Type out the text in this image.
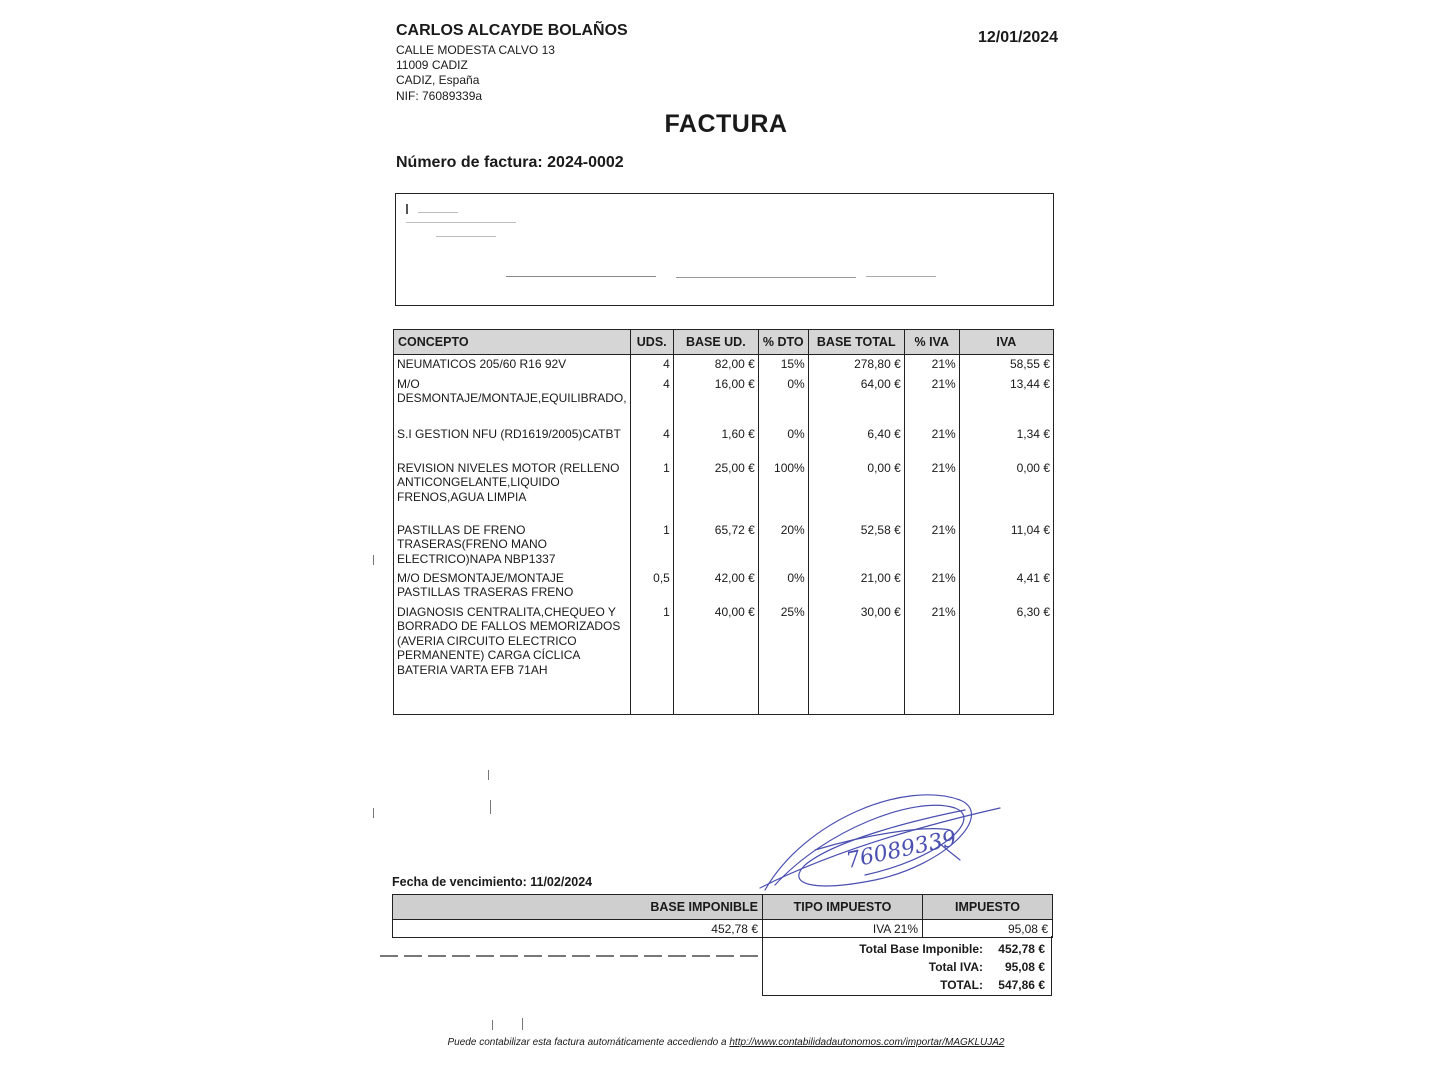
CARLOS ALCAYDE BOLAÑOS
CALLE MODESTA CALVO 13
11009 CADIZ
CADIZ, España
NIF: 76089339a
12/01/2024
FACTURA
Número de factura: 2024-0002
CONCEPTO	UDS.	BASE UD.	% DTO	BASE TOTAL	% IVA	IVA
NEUMATICOS 205/60 R16 92V	4	82,00 €	15%	278,80 €	21%	58,55 €
M/O DESMONTAJE/MONTAJE,EQUILIBRADO,	4	16,00 €	0%	64,00 €	21%	13,44 €
S.I GESTION NFU (RD1619/2005)CATBT	4	1,60 €	0%	6,40 €	21%	1,34 €
REVISION NIVELES MOTOR (RELLENO ANTICONGELANTE,LIQUIDO FRENOS,AGUA LIMPIA	1	25,00 €	100%	0,00 €	21%	0,00 €
PASTILLAS DE FRENO TRASERAS(FRENO MANO ELECTRICO)NAPA NBP1337	1	65,72 €	20%	52,58 €	21%	11,04 €
M/O DESMONTAJE/MONTAJE PASTILLAS TRASERAS FRENO	0,5	42,00 €	0%	21,00 €	21%	4,41 €
DIAGNOSIS CENTRALITA,CHEQUEO Y BORRADO DE FALLOS MEMORIZADOS (AVERIA CIRCUITO ELECTRICO PERMANENTE) CARGA CÍCLICA BATERIA VARTA EFB 71AH	1	40,00 €	25%	30,00 €	21%	6,30 €
76089339
Fecha de vencimiento: 11/02/2024
BASE IMPONIBLE	TIPO IMPUESTO	IMPUESTO
452,78 €	IVA 21%	95,08 €
Total Base Imponible: 452,78 €
Total IVA: 95,08 €
TOTAL: 547,86 €
Puede contabilizar esta factura automáticamente accediendo a http://www.contabilidadautonomos.com/importar/MAGKLUJA2
